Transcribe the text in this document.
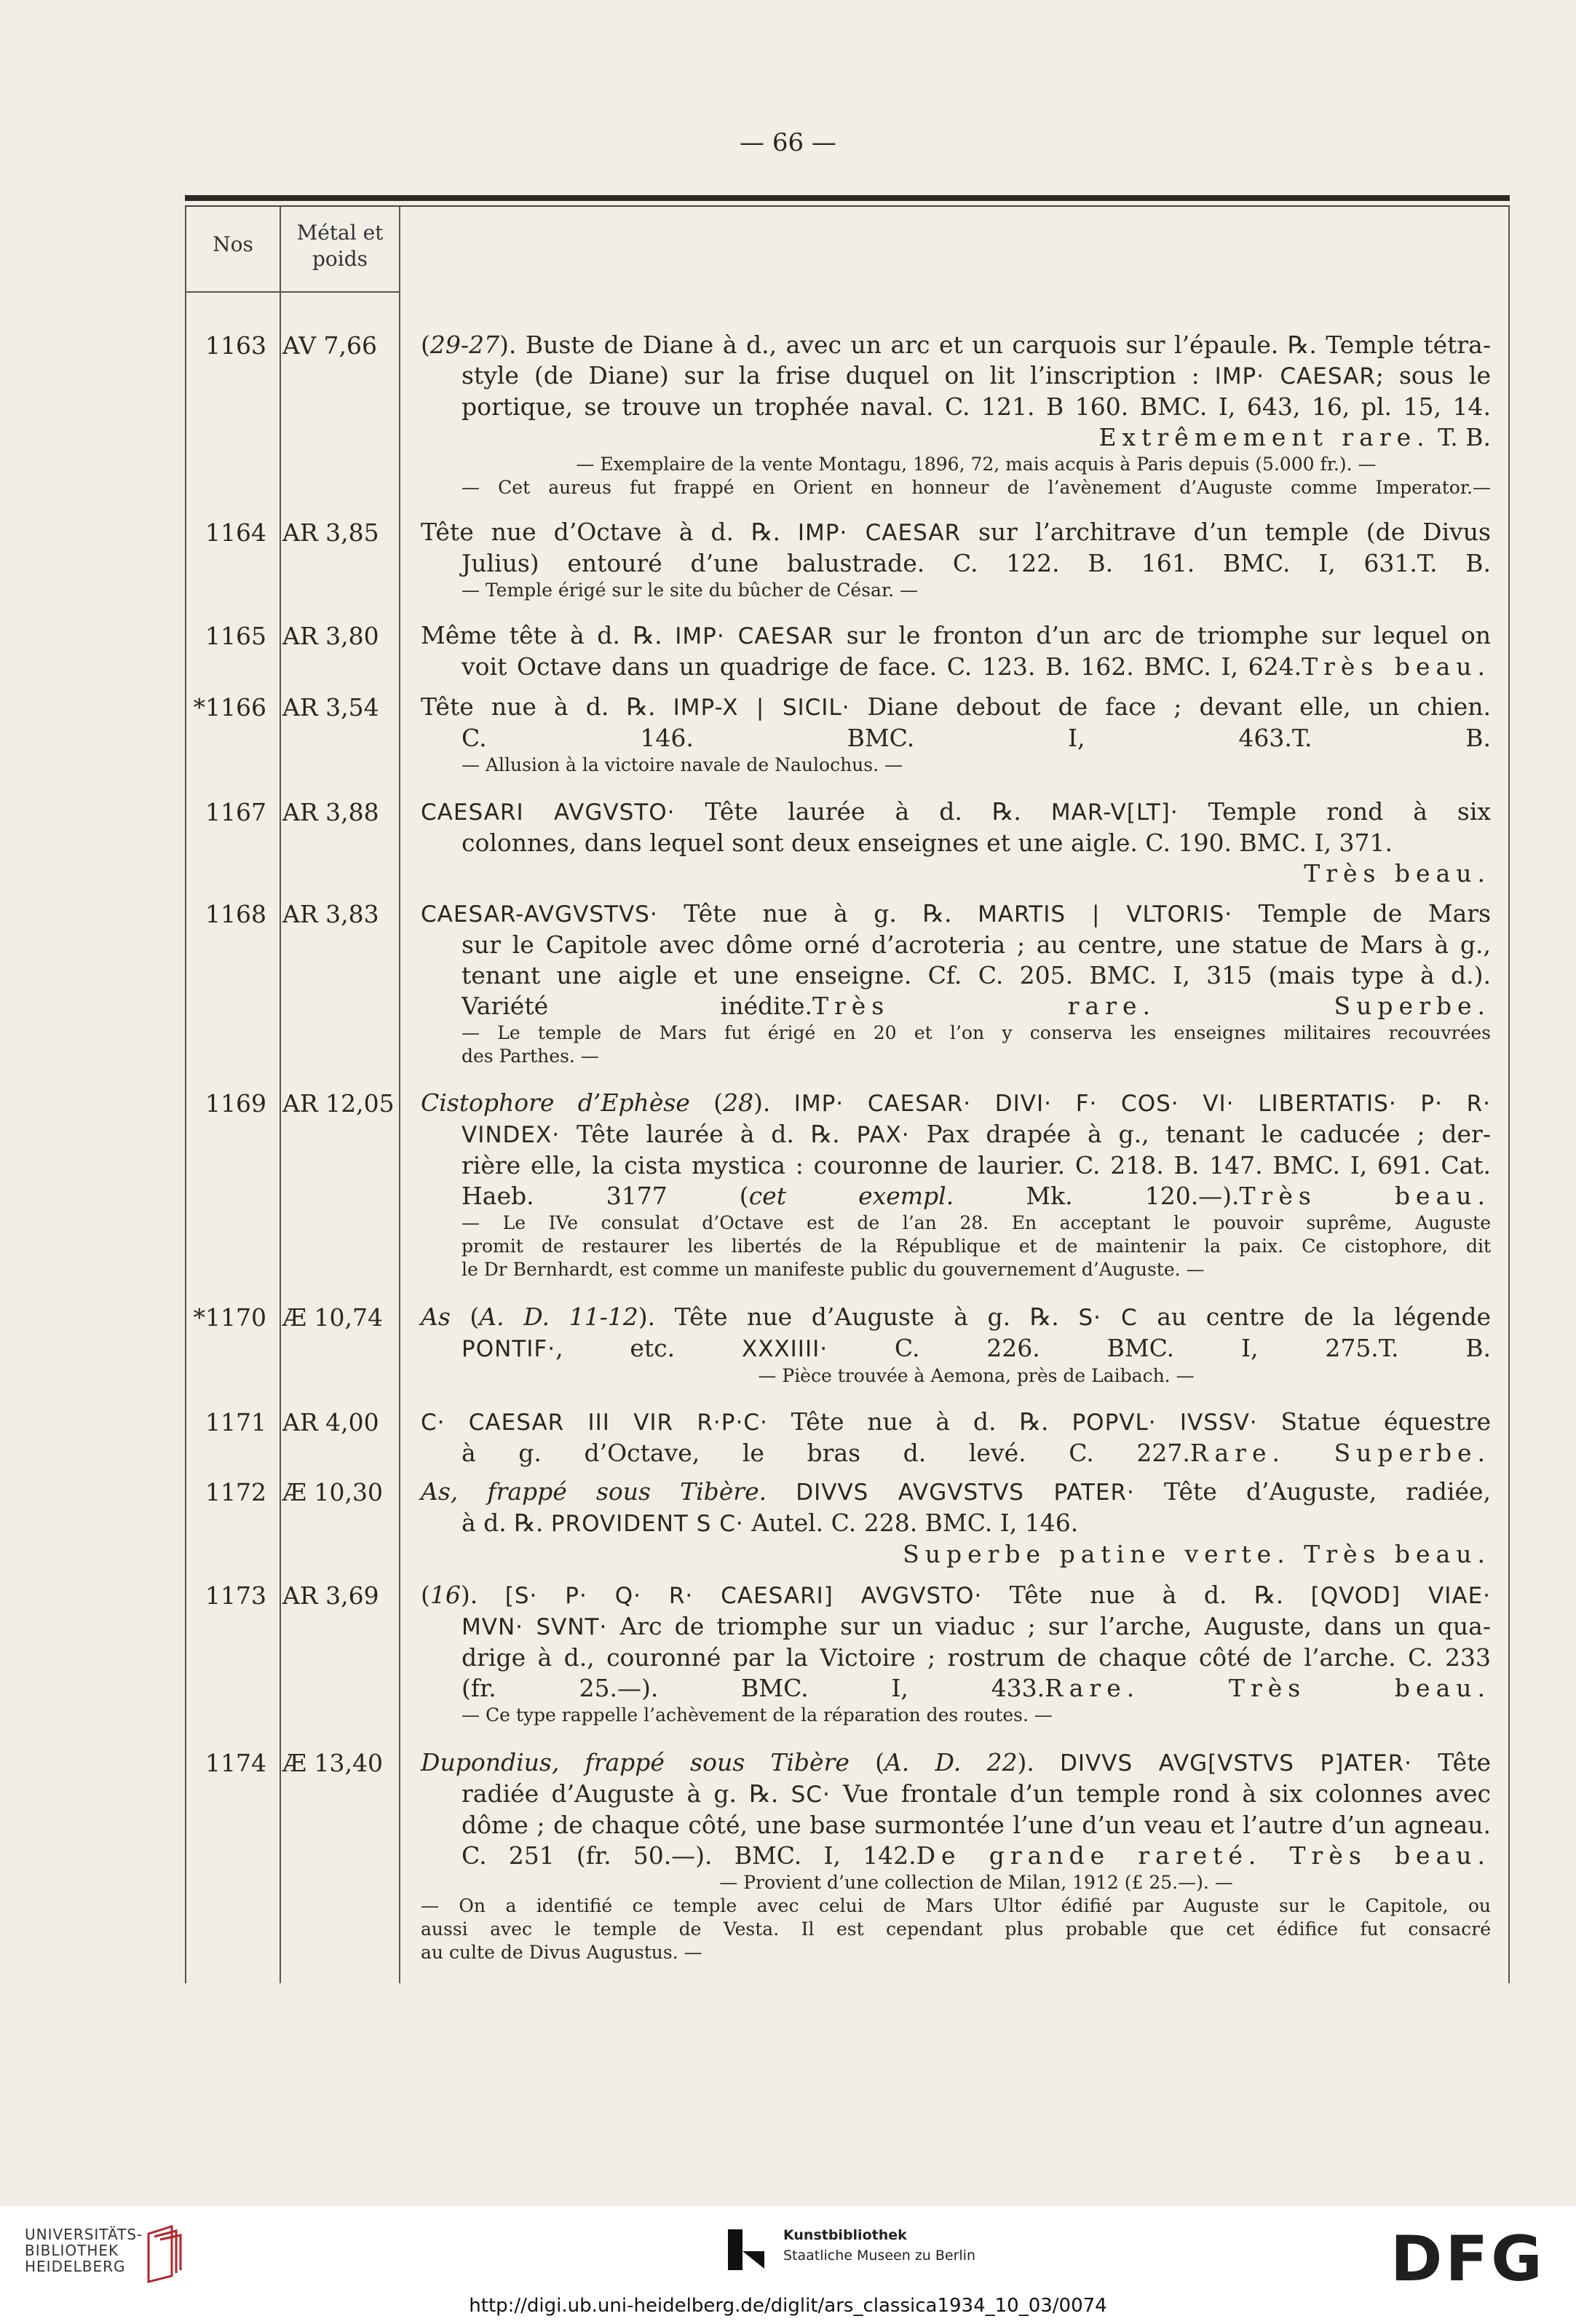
— 66 —
Nos	Métal et
poids
1163 AV 7,66	(29-27). Buste de Diane à d., avec un arc et un carquois sur l’épaule. ℞. Temple tétra-
style (de Diane) sur la frise duquel on lit l’inscription : IMP· CAESAR; sous le
portique, se trouve un trophée naval. C. 121. B 160. BMC. I, 643, 16, pl. 15, 14.
Extrêmement rare. T. B.
— Exemplaire de la vente Montagu, 1896, 72, mais acquis à Paris depuis (5.000 fr.). —
— Cet aureus fut frappé en Orient en honneur de l’avènement d’Auguste comme Imperator.—
1164 AR 3,85	Tête nue d’Octave à d. ℞. IMP· CAESAR sur l’architrave d’un temple (de Divus
Julius) entouré d’une balustrade. C. 122. B. 161. BMC. I, 631.T. B.
— Temple érigé sur le site du bûcher de César. —
1165 AR 3,80	Même tête à d. ℞. IMP· CAESAR sur le fronton d’un arc de triomphe sur lequel on
voit Octave dans un quadrige de face. C. 123. B. 162. BMC. I, 624.Très beau.
*1166 AR 3,54	Tête nue à d. ℞. IMP-X | SICIL· Diane debout de face ; devant elle, un chien.
C. 146. BMC. I, 463.T. B.
— Allusion à la victoire navale de Naulochus. —
1167 AR 3,88	CAESARI AVGVSTO· Tête laurée à d. ℞. MAR-V[LT]· Temple rond à six
colonnes, dans lequel sont deux enseignes et une aigle. C. 190. BMC. I, 371.
Très beau.
1168 AR 3,83	CAESAR-AVGVSTVS· Tête nue à g. ℞. MARTIS | VLTORIS· Temple de Mars
sur le Capitole avec dôme orné d’acroteria ; au centre, une statue de Mars à g.,
tenant une aigle et une enseigne. Cf. C. 205. BMC. I, 315 (mais type à d.).
Variété inédite.Très rare. Superbe.
— Le temple de Mars fut érigé en 20 et l’on y conserva les enseignes militaires recouvrées
des Parthes. —
1169 AR 12,05 Cistophore d’Ephèse (28). IMP· CAESAR· DIVI· F· COS· VI· LIBERTATIS· P· R·
VINDEX· Tête laurée à d. ℞. PAX· Pax drapée à g., tenant le caducée ; der-
rière elle, la cista mystica : couronne de laurier. C. 218. B. 147. BMC. I, 691. Cat.
Haeb. 3177 (cet exempl. Mk. 120.—).Très beau.
— Le IVe consulat d’Octave est de l’an 28. En acceptant le pouvoir suprême, Auguste
promit de restaurer les libertés de la République et de maintenir la paix. Ce cistophore, dit
le Dr Bernhardt, est comme un manifeste public du gouvernement d’Auguste. —
*1170 Æ 10,74	As (A. D. 11-12). Tête nue d’Auguste à g. ℞. S· C au centre de la légende
PONTIF·, etc. XXXIIII· C. 226. BMC. I, 275.T. B.
— Pièce trouvée à Aemona, près de Laibach. —
1171 AR 4,00	C· CAESAR III VIR R·P·C· Tête nue à d. ℞. POPVL· IVSSV· Statue équestre
à g. d’Octave, le bras d. levé. C. 227.Rare. Superbe.
1172 Æ 10,30	As, frappé sous Tibère. DIVVS AVGVSTVS PATER· Tête d’Auguste, radiée,
à d. ℞. PROVIDENT S C· Autel. C. 228. BMC. I, 146.
Superbe patine verte. Très beau.
1173 AR 3,69	(16). [S· P· Q· R· CAESARI] AVGVSTO· Tête nue à d. ℞. [QVOD] VIAE·
MVN· SVNT· Arc de triomphe sur un viaduc ; sur l’arche, Auguste, dans un qua-
drige à d., couronné par la Victoire ; rostrum de chaque côté de l’arche. C. 233
(fr. 25.—). BMC. I, 433.Rare. Très beau.
— Ce type rappelle l’achèvement de la réparation des routes. —
1174 Æ 13,40	Dupondius, frappé sous Tibère (A. D. 22). DIVVS AVG[VSTVS P]ATER· Tête
radiée d’Auguste à g. ℞. SC· Vue frontale d’un temple rond à six colonnes avec
dôme ; de chaque côté, une base surmontée l’une d’un veau et l’autre d’un agneau.
C. 251 (fr. 50.—). BMC. I, 142.De grande rareté. Très beau.
— Provient d’une collection de Milan, 1912 (£ 25.—). —
— On a identifié ce temple avec celui de Mars Ultor édifié par Auguste sur le Capitole, ou
aussi avec le temple de Vesta. Il est cependant plus probable que cet édifice fut consacré
au culte de Divus Augustus. —
UNIVERSITÄTS-
BIBLIOTHEK
HEIDELBERG
Kunstbibliothek
Staatliche Museen zu Berlin	DFG
http://digi.ub.uni-heidelberg.de/diglit/ars_classica1934_10_03/0074
